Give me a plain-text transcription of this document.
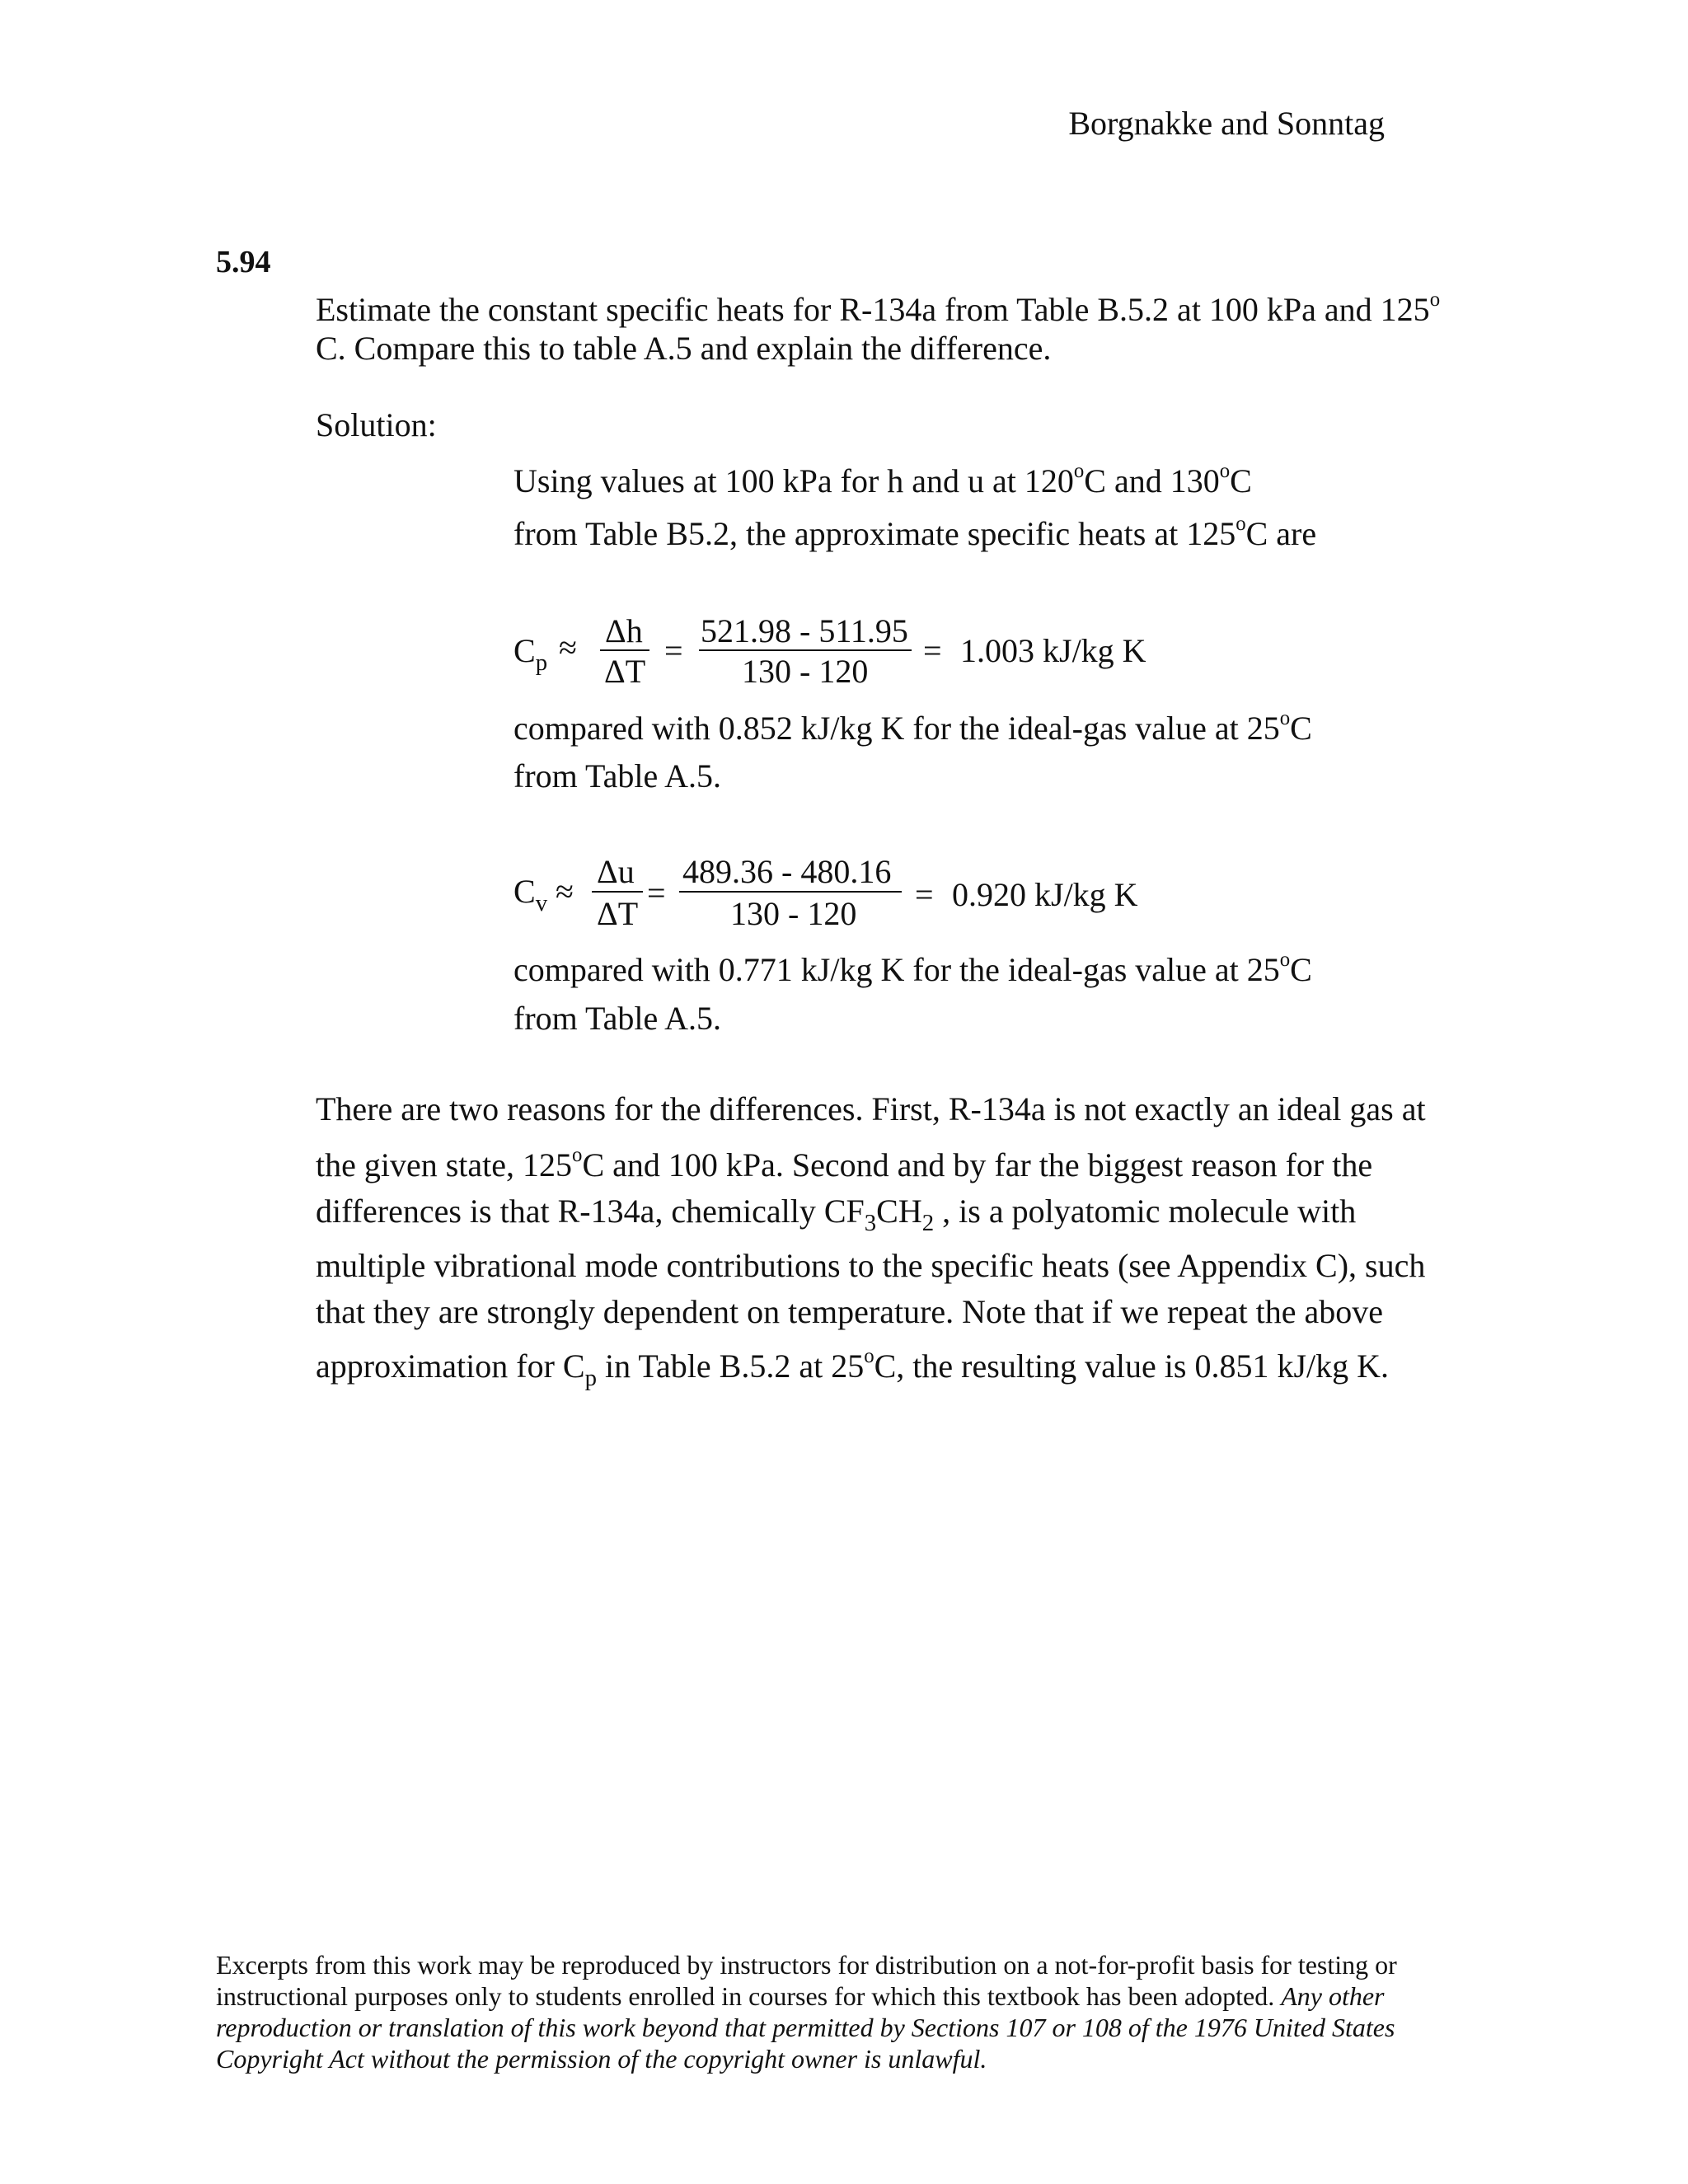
Borgnakke and Sonntag
5.94
Estimate the constant specific heats for R-134a from Table B.5.2 at 100 kPa and 125$^o$
C. Compare this to table A.5 and explain the difference.
Solution:
Using values at 100 kPa for h and u at 120$^o$C and 130$^o$C
from Table B5.2, the approximate specific heats at 125$^o$C are
$C_p \approx \Delta h$
ΔT
=
521.98 - 511.95
130 - 120
= 1.003 kJ/kg K
compared with 0.852 kJ/kg K for the ideal-gas value at 25$^o$C
from Table A.5.
$C_v$ ≈
Δu
ΔT
=
489.36 - 480.16
130 - 120
= 0.920 kJ/kg K
compared with 0.771 kJ/kg K for the ideal-gas value at 25$^o$C
from Table A.5.
There are two reasons for the differences. First, R-134a is not exactly an ideal gas at
the given state, 125$^o$C and 100 kPa. Second and by far the biggest reason for the
differences is that R-134a, chemically $CF_3CH_2$ , is a polyatomic molecule with
multiple vibrational mode contributions to the specific heats (see Appendix C), such
that they are strongly dependent on temperature. Note that if we repeat the above
approximation for $C_p$ in Table B.5.2 at 25$^o$C, the resulting value is 0.851 kJ/kg K.
Excerpts from this work may be reproduced by instructors for distribution on a not-for-profit basis for testing or
instructional purposes only to students enrolled in courses for which this textbook has been adopted. Any other
reproduction or translation of this work beyond that permitted by Sections 107 or 108 of the 1976 United States
Copyright Act without the permission of the copyright owner is unlawful.
